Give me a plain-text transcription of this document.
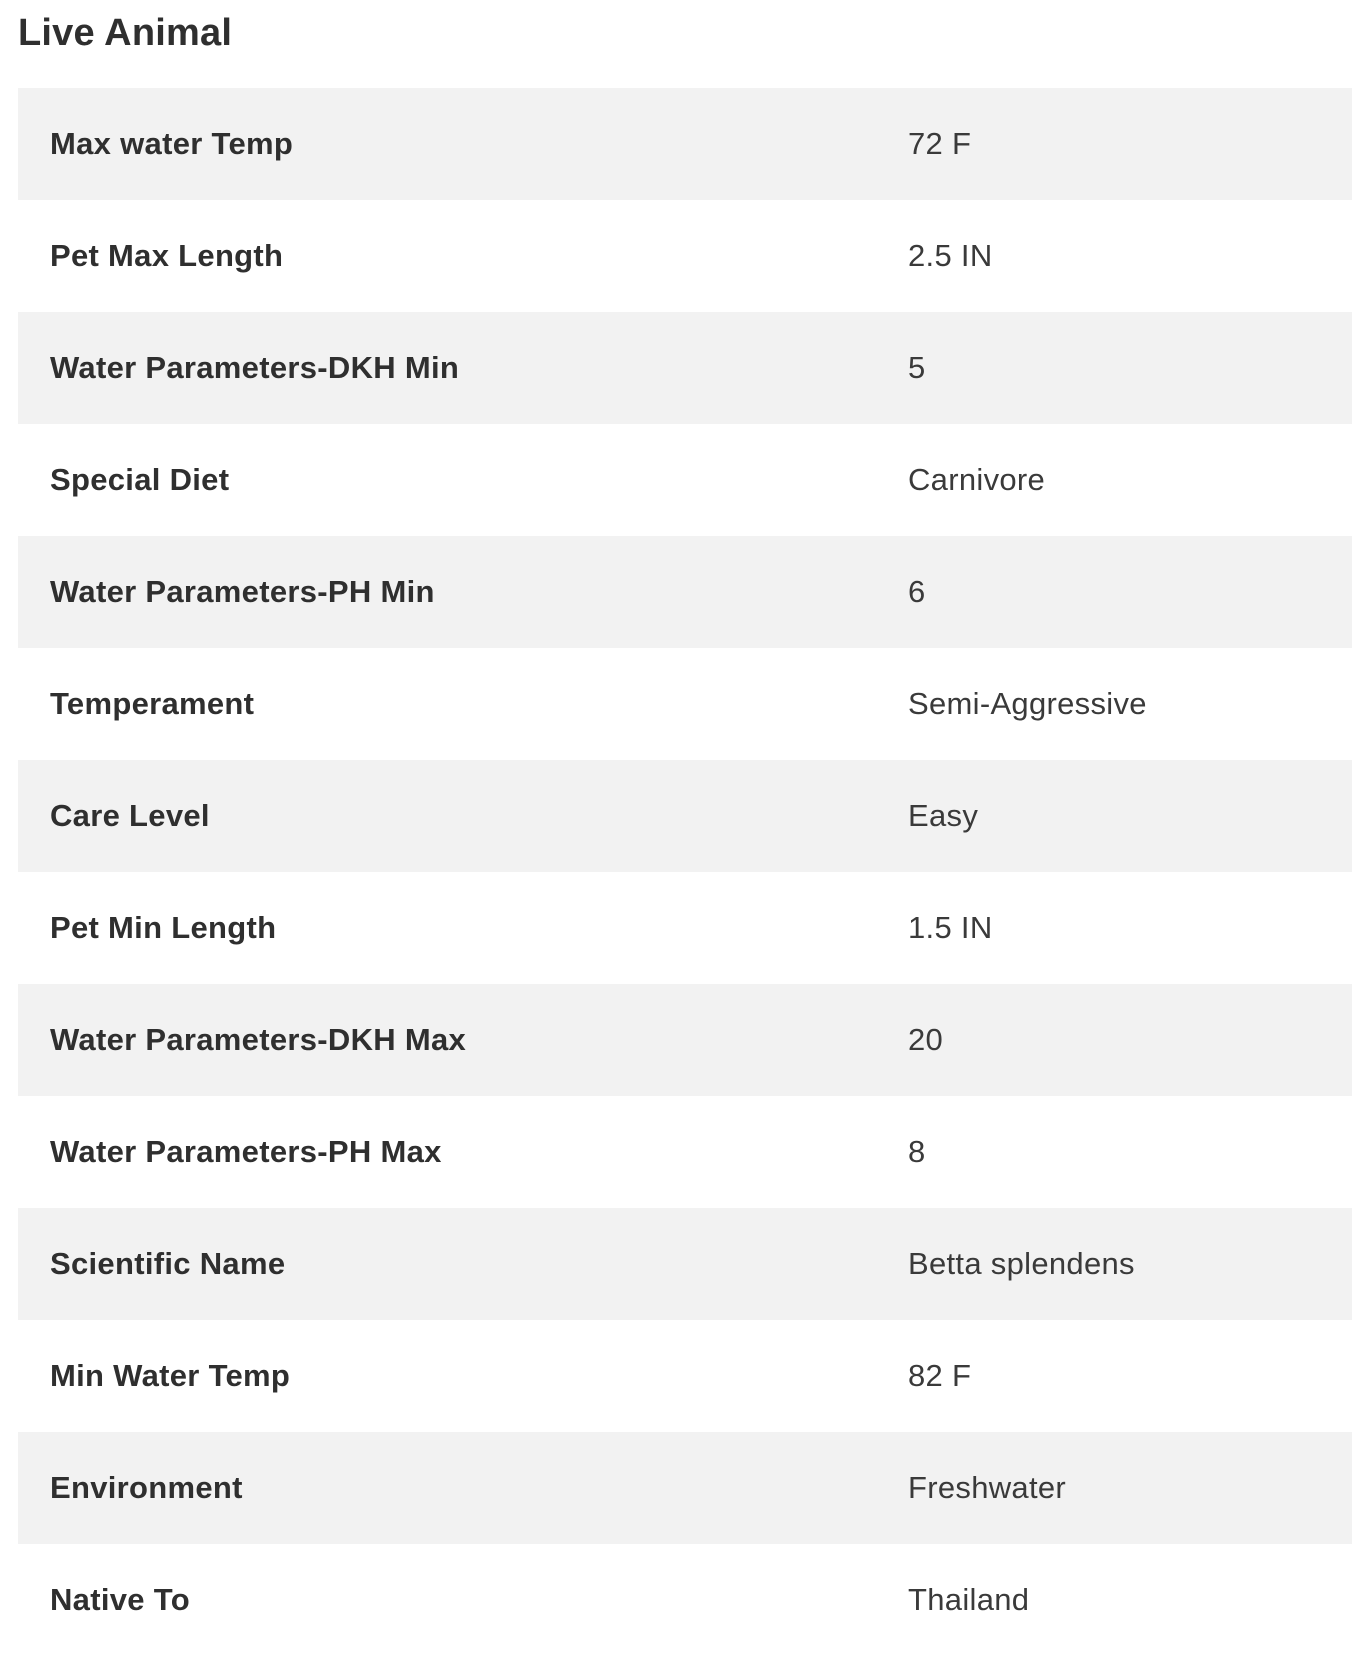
Live Animal
Max water Temp	72 F
Pet Max Length	2.5 IN
Water Parameters-DKH Min	5
Special Diet	Carnivore
Water Parameters-PH Min	6
Temperament	Semi-Aggressive
Care Level	Easy
Pet Min Length	1.5 IN
Water Parameters-DKH Max	20
Water Parameters-PH Max	8
Scientific Name	Betta splendens
Min Water Temp	82 F
Environment	Freshwater
Native To	Thailand
